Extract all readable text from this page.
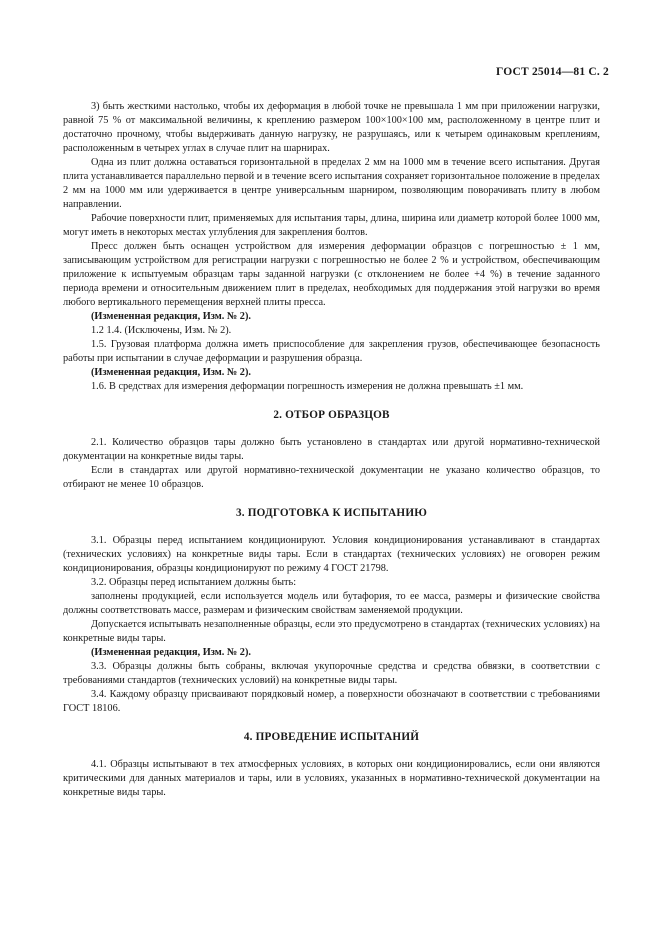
ГОСТ 25014—81 С. 2

3) быть жесткими настолько, чтобы их деформация в любой точке не превышала 1 мм при приложении нагрузки, равной 75 % от максимальной величины, к креплению размером 100×100×100 мм, расположенному в центре плит и достаточно прочному, чтобы выдерживать данную нагрузку, не разрушаясь, или к четырем одинаковым креплениям, расположенным в четырех углах в случае плит на шарнирах.

Одна из плит должна оставаться горизонтальной в пределах 2 мм на 1000 мм в течение всего испытания. Другая плита устанавливается параллельно первой и в течение всего испытания сохраняет горизонтальное положение в пределах 2 мм на 1000 мм или удерживается в центре универсальным шарниром, позволяющим поворачивать плиту в любом направлении.

Рабочие поверхности плит, применяемых для испытания тары, длина, ширина или диаметр которой более 1000 мм, могут иметь в некоторых местах углубления для закрепления болтов.

Пресс должен быть оснащен устройством для измерения деформации образцов с погрешностью ± 1 мм, записывающим устройством для регистрации нагрузки с погрешностью не более 2 % и устройством, обеспечивающим приложение к испытуемым образцам тары заданной нагрузки (с отклонением не более +4 %) в течение заданного периода времени и относительным движением плит в пределах, необходимых для поддержания этой нагрузки во время любого вертикального перемещения верхней плиты пресса.

(Измененная редакция, Изм. № 2).

1.2 1.4. (Исключены, Изм. № 2).

1.5. Грузовая платформа должна иметь приспособление для закрепления грузов, обеспечивающее безопасность работы при испытании в случае деформации и разрушения образца.

(Измененная редакция, Изм. № 2).

1.6. В средствах для измерения деформации погрешность измерения не должна превышать ±1 мм.

2. ОТБОР ОБРАЗЦОВ

2.1. Количество образцов тары должно быть установлено в стандартах или другой нормативно-технической документации на конкретные виды тары.

Если в стандартах или другой нормативно-технической документации не указано количество образцов, то отбирают не менее 10 образцов.

3. ПОДГОТОВКА К ИСПЫТАНИЮ

3.1. Образцы перед испытанием кондиционируют. Условия кондиционирования устанавливают в стандартах (технических условиях) на конкретные виды тары. Если в стандартах (технических условиях) не оговорен режим кондиционирования, образцы кондиционируют по режиму 4 ГОСТ 21798.

3.2. Образцы перед испытанием должны быть:

заполнены продукцией, если используется модель или бутафория, то ее масса, размеры и физические свойства должны соответствовать массе, размерам и физическим свойствам заменяемой продукции.

Допускается испытывать незаполненные образцы, если это предусмотрено в стандартах (технических условиях) на конкретные виды тары.

(Измененная редакция, Изм. № 2).

3.3. Образцы должны быть собраны, включая укупорочные средства и средства обвязки, в соответствии с требованиями стандартов (технических условий) на конкретные виды тары.

3.4. Каждому образцу присваивают порядковый номер, а поверхности обозначают в соответствии с требованиями ГОСТ 18106.

4. ПРОВЕДЕНИЕ ИСПЫТАНИЙ

4.1. Образцы испытывают в тех атмосферных условиях, в которых они кондиционировались, если они являются критическими для данных материалов и тары, или в условиях, указанных в нормативно-технической документации на конкретные виды тары.
